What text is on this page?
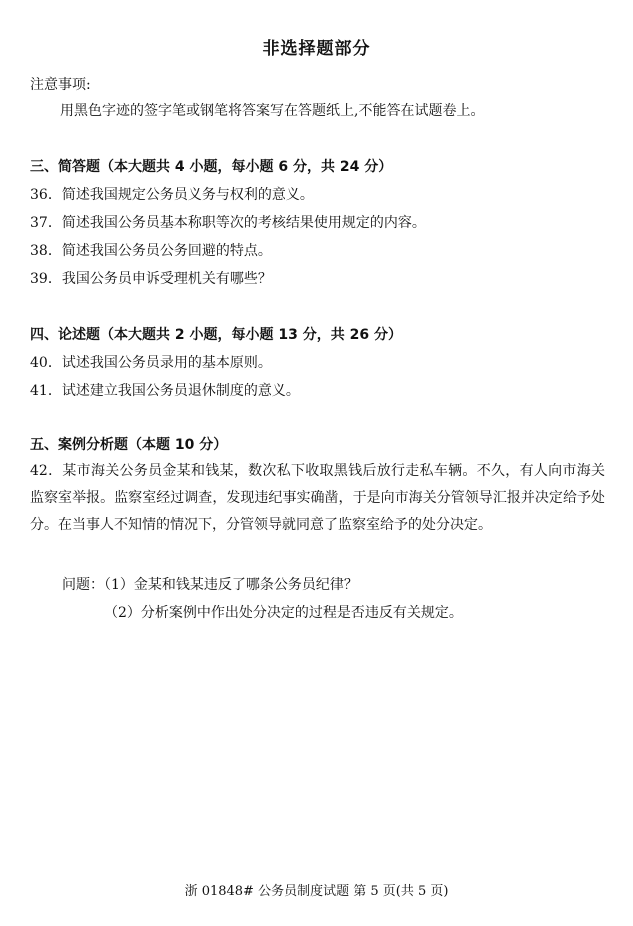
非选择题部分
注意事项:
用黑色字迹的签字笔或钢笔将答案写在答题纸上,不能答在试题卷上。
三、简答题（本大题共 4 小题，每小题 6 分，共 24 分）
36．简述我国规定公务员义务与权利的意义。
37．简述我国公务员基本称职等次的考核结果使用规定的内容。
38．简述我国公务员公务回避的特点。
39．我国公务员申诉受理机关有哪些？
四、论述题（本大题共 2 小题，每小题 13 分，共 26 分）
40．试述我国公务员录用的基本原则。
41．试述建立我国公务员退休制度的意义。
五、案例分析题（本题 10 分）
42．某市海关公务员金某和钱某，数次私下收取黑钱后放行走私车辆。不久，有人向市海关监察室举报。监察室经过调查，发现违纪事实确凿，于是向市海关分管领导汇报并决定给予处分。在当事人不知情的情况下，分管领导就同意了监察室给予的处分决定。
问题：（1）金某和钱某违反了哪条公务员纪律？
（2）分析案例中作出处分决定的过程是否违反有关规定。
浙 01848# 公务员制度试题 第 5 页(共 5 页)
